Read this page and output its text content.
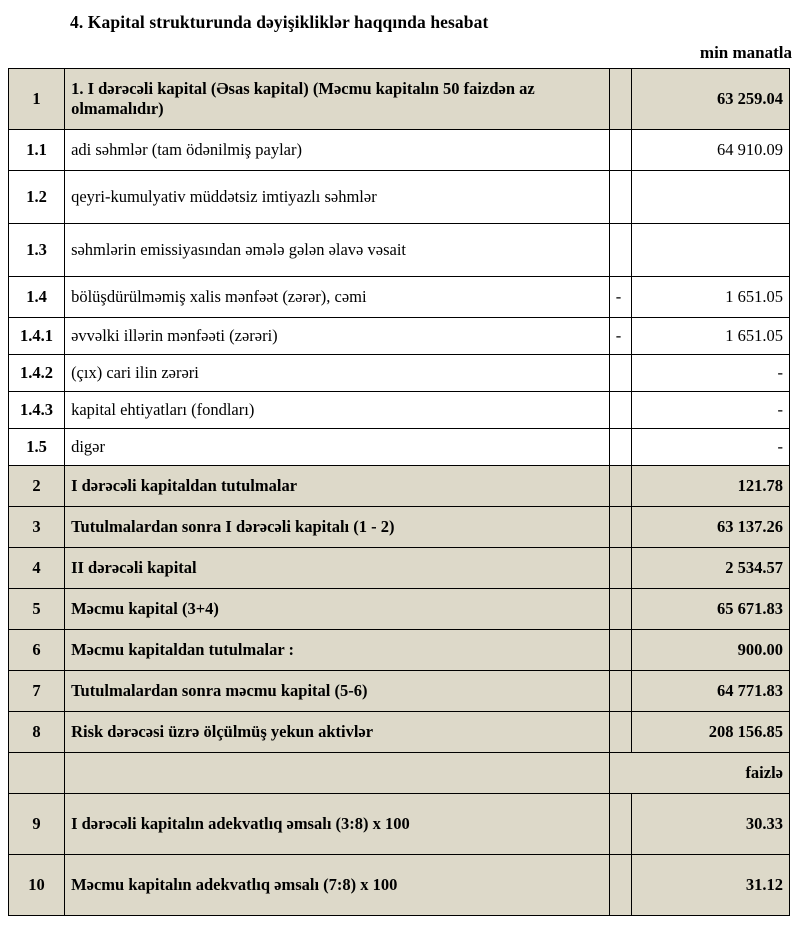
4. Kapital strukturunda dəyişikliklər haqqında hesabat
min manatla
1	1. I dərəcəli kapital (Əsas kapital) (Məcmu kapitalın 50 faizdən az olmamalıdır)		63 259.04
1.1	adi səhmlər (tam ödənilmiş paylar)		64 910.09
1.2	qeyri-kumulyativ müddətsiz imtiyazlı səhmlər		
1.3	səhmlərin emissiyasından əmələ gələn əlavə vəsait		
1.4	bölüşdürülməmiş xalis mənfəət (zərər), cəmi	-	1 651.05
1.4.1	əvvəlki illərin mənfəəti (zərəri)	-	1 651.05
1.4.2	(çıx) cari ilin zərəri		-
1.4.3	kapital ehtiyatları (fondları)		-
1.5	digər		-
2	I dərəcəli kapitaldan tutulmalar		121.78
3	Tutulmalardan sonra I dərəcəli kapitalı (1 - 2)		63 137.26
4	II dərəcəli kapital		2 534.57
5	Məcmu kapital (3+4)		65 671.83
6	Məcmu kapitaldan tutulmalar :		900.00
7	Tutulmalardan sonra məcmu kapital (5-6)		64 771.83
8	Risk dərəcəsi üzrə ölçülmüş yekun aktivlər		208 156.85
		faizlə	
9	I dərəcəli kapitalın adekvatlıq əmsalı (3:8) x 100		30.33
10	Məcmu kapitalın adekvatlıq əmsalı (7:8) x 100		31.12
